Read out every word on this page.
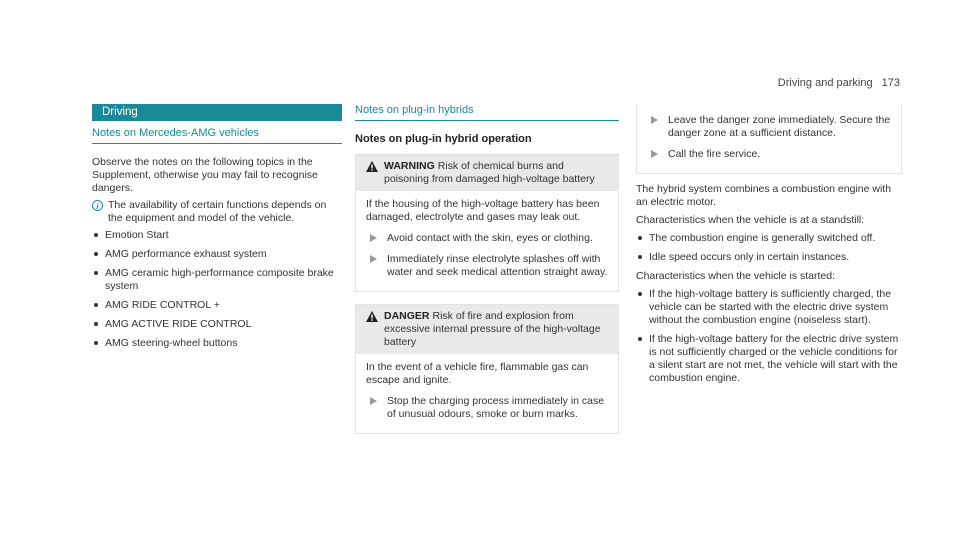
Driving and parking 173
Driving
Notes on Mercedes-AMG vehicles

Observe the notes on the following topics in the Supplement, otherwise you may fail to recognise dangers.

i The availability of certain functions depends on the equipment and model of the vehicle.
Emotion Start
AMG performance exhaust system
AMG ceramic high-performance composite brake system
AMG RIDE CONTROL +
AMG ACTIVE RIDE CONTROL
AMG steering-wheel buttons
Notes on plug-in hybrids
Notes on plug-in hybrid operation
WARNING Risk of chemical burns and poisoning from damaged high-voltage battery

If the housing of the high-voltage battery has been damaged, electrolyte and gases may leak out.

Avoid contact with the skin, eyes or clothing.
Immediately rinse electrolyte splashes off with water and seek medical attention straight away.
DANGER Risk of fire and explosion from excessive internal pressure of the high-voltage battery

In the event of a vehicle fire, flammable gas can escape and ignite.

Stop the charging process immediately in case of unusual odours, smoke or burn marks.
Leave the danger zone immediately. Secure the danger zone at a sufficient distance.
Call the fire service.

The hybrid system combines a combustion engine with an electric motor.

Characteristics when the vehicle is at a standstill:

The combustion engine is generally switched off.
Idle speed occurs only in certain instances.

Characteristics when the vehicle is started:

If the high-voltage battery is sufficiently charged, the vehicle can be started with the electric drive system without the combustion engine (noiseless start).
If the high-voltage battery for the electric drive system is not sufficiently charged or the vehicle conditions for a silent start are not met, the vehicle will start with the combustion engine.
